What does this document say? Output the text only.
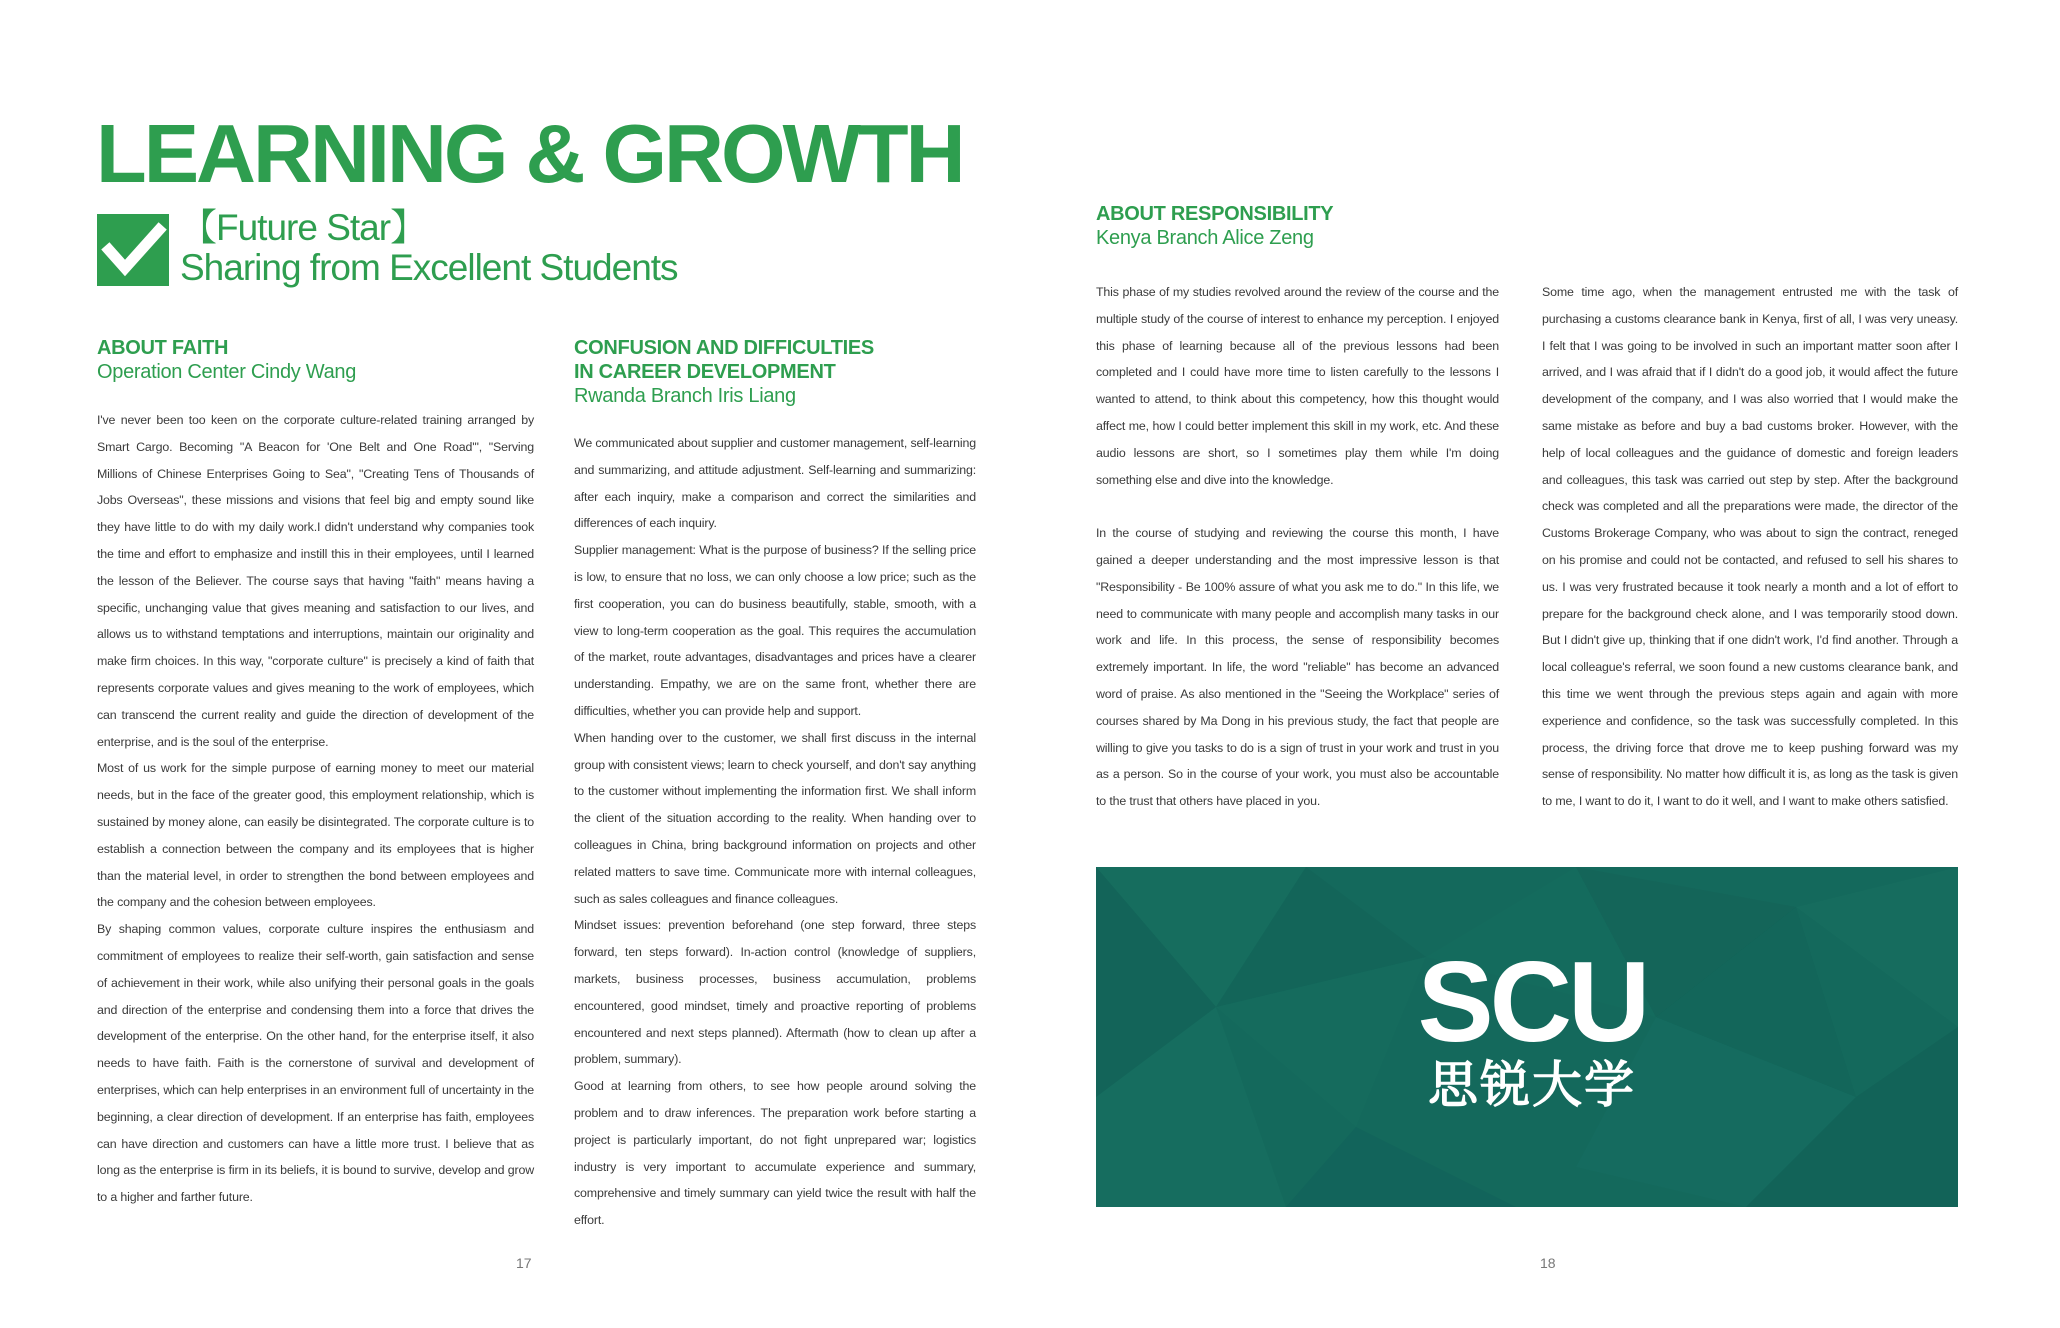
LEARNING & GROWTH
【Future Star】
Sharing from Excellent Students
ABOUT FAITH
Operation Center Cindy Wang

I've never been too keen on the corporate culture-related training arranged by Smart Cargo. Becoming "A Beacon for 'One Belt and One Road'", "Serving Millions of Chinese Enterprises Going to Sea", "Creating Tens of Thousands of Jobs Overseas", these missions and visions that feel big and empty sound like they have little to do with my daily work.I didn't understand why companies took the time and effort to emphasize and instill this in their employees, until I learned the lesson of the Believer. The course says that having "faith" means having a specific, unchanging value that gives meaning and satisfaction to our lives, and allows us to withstand temptations and interruptions, maintain our originality and make firm choices. In this way, "corporate culture" is precisely a kind of faith that represents corporate values and gives meaning to the work of employees, which can transcend the current reality and guide the direction of development of the enterprise, and is the soul of the enterprise.

Most of us work for the simple purpose of earning money to meet our material needs, but in the face of the greater good, this employment relationship, which is sustained by money alone, can easily be disintegrated. The corporate culture is to establish a connection between the company and its employees that is higher than the material level, in order to strengthen the bond between employees and the company and the cohesion between employees.

By shaping common values, corporate culture inspires the enthusiasm and commitment of employees to realize their self-worth, gain satisfaction and sense of achievement in their work, while also unifying their personal goals in the goals and direction of the enterprise and condensing them into a force that drives the development of the enterprise. On the other hand, for the enterprise itself, it also needs to have faith. Faith is the cornerstone of survival and development of enterprises, which can help enterprises in an environment full of uncertainty in the beginning, a clear direction of development. If an enterprise has faith, employees can have direction and customers can have a little more trust. I believe that as long as the enterprise is firm in its beliefs, it is bound to survive, develop and grow to a higher and farther future.

CONFUSION AND DIFFICULTIES
IN CAREER DEVELOPMENT
Rwanda Branch Iris Liang

We communicated about supplier and customer management, self-learning and summarizing, and attitude adjustment. Self-learning and summarizing: after each inquiry, make a comparison and correct the similarities and differences of each inquiry.

Supplier management: What is the purpose of business? If the selling price is low, to ensure that no loss, we can only choose a low price; such as the first cooperation, you can do business beautifully, stable, smooth, with a view to long-term cooperation as the goal. This requires the accumulation of the market, route advantages, disadvantages and prices have a clearer understanding. Empathy, we are on the same front, whether there are difficulties, whether you can provide help and support.

When handing over to the customer, we shall first discuss in the internal group with consistent views; learn to check yourself, and don't say anything to the customer without implementing the information first. We shall inform the client of the situation according to the reality. When handing over to colleagues in China, bring background information on projects and other related matters to save time. Communicate more with internal colleagues, such as sales colleagues and finance colleagues.

Mindset issues: prevention beforehand (one step forward, three steps forward, ten steps forward). In-action control (knowledge of suppliers, markets, business processes, business accumulation, problems encountered, good mindset, timely and proactive reporting of problems encountered and next steps planned). Aftermath (how to clean up after a problem, summary).

Good at learning from others, to see how people around solving the problem and to draw inferences. The preparation work before starting a project is particularly important, do not fight unprepared war; logistics industry is very important to accumulate experience and summary, comprehensive and timely summary can yield twice the result with half the effort.

ABOUT RESPONSIBILITY
Kenya Branch Alice Zeng

This phase of my studies revolved around the review of the course and the multiple study of the course of interest to enhance my perception. I enjoyed this phase of learning because all of the previous lessons had been completed and I could have more time to listen carefully to the lessons I wanted to attend, to think about this competency, how this thought would affect me, how I could better implement this skill in my work, etc. And these audio lessons are short, so I sometimes play them while I'm doing something else and dive into the knowledge.

In the course of studying and reviewing the course this month, I have gained a deeper understanding and the most impressive lesson is that "Responsibility - Be 100% assure of what you ask me to do." In this life, we need to communicate with many people and accomplish many tasks in our work and life. In this process, the sense of responsibility becomes extremely important. In life, the word "reliable" has become an advanced word of praise. As also mentioned in the "Seeing the Workplace" series of courses shared by Ma Dong in his previous study, the fact that people are willing to give you tasks to do is a sign of trust in your work and trust in you as a person. So in the course of your work, you must also be accountable to the trust that others have placed in you.

Some time ago, when the management entrusted me with the task of purchasing a customs clearance bank in Kenya, first of all, I was very uneasy. I felt that I was going to be involved in such an important matter soon after I arrived, and I was afraid that if I didn't do a good job, it would affect the future development of the company, and I was also worried that I would make the same mistake as before and buy a bad customs broker. However, with the help of local colleagues and the guidance of domestic and foreign leaders and colleagues, this task was carried out step by step. After the background check was completed and all the preparations were made, the director of the Customs Brokerage Company, who was about to sign the contract, reneged on his promise and could not be contacted, and refused to sell his shares to us. I was very frustrated because it took nearly a month and a lot of effort to prepare for the background check alone, and I was temporarily stood down. But I didn't give up, thinking that if one didn't work, I'd find another. Through a local colleague's referral, we soon found a new customs clearance bank, and this time we went through the previous steps again and again with more experience and confidence, so the task was successfully completed. In this process, the driving force that drove me to keep pushing forward was my sense of responsibility. No matter how difficult it is, as long as the task is given to me, I want to do it, I want to do it well, and I want to make others satisfied.

SCU
思锐大学
17	18
